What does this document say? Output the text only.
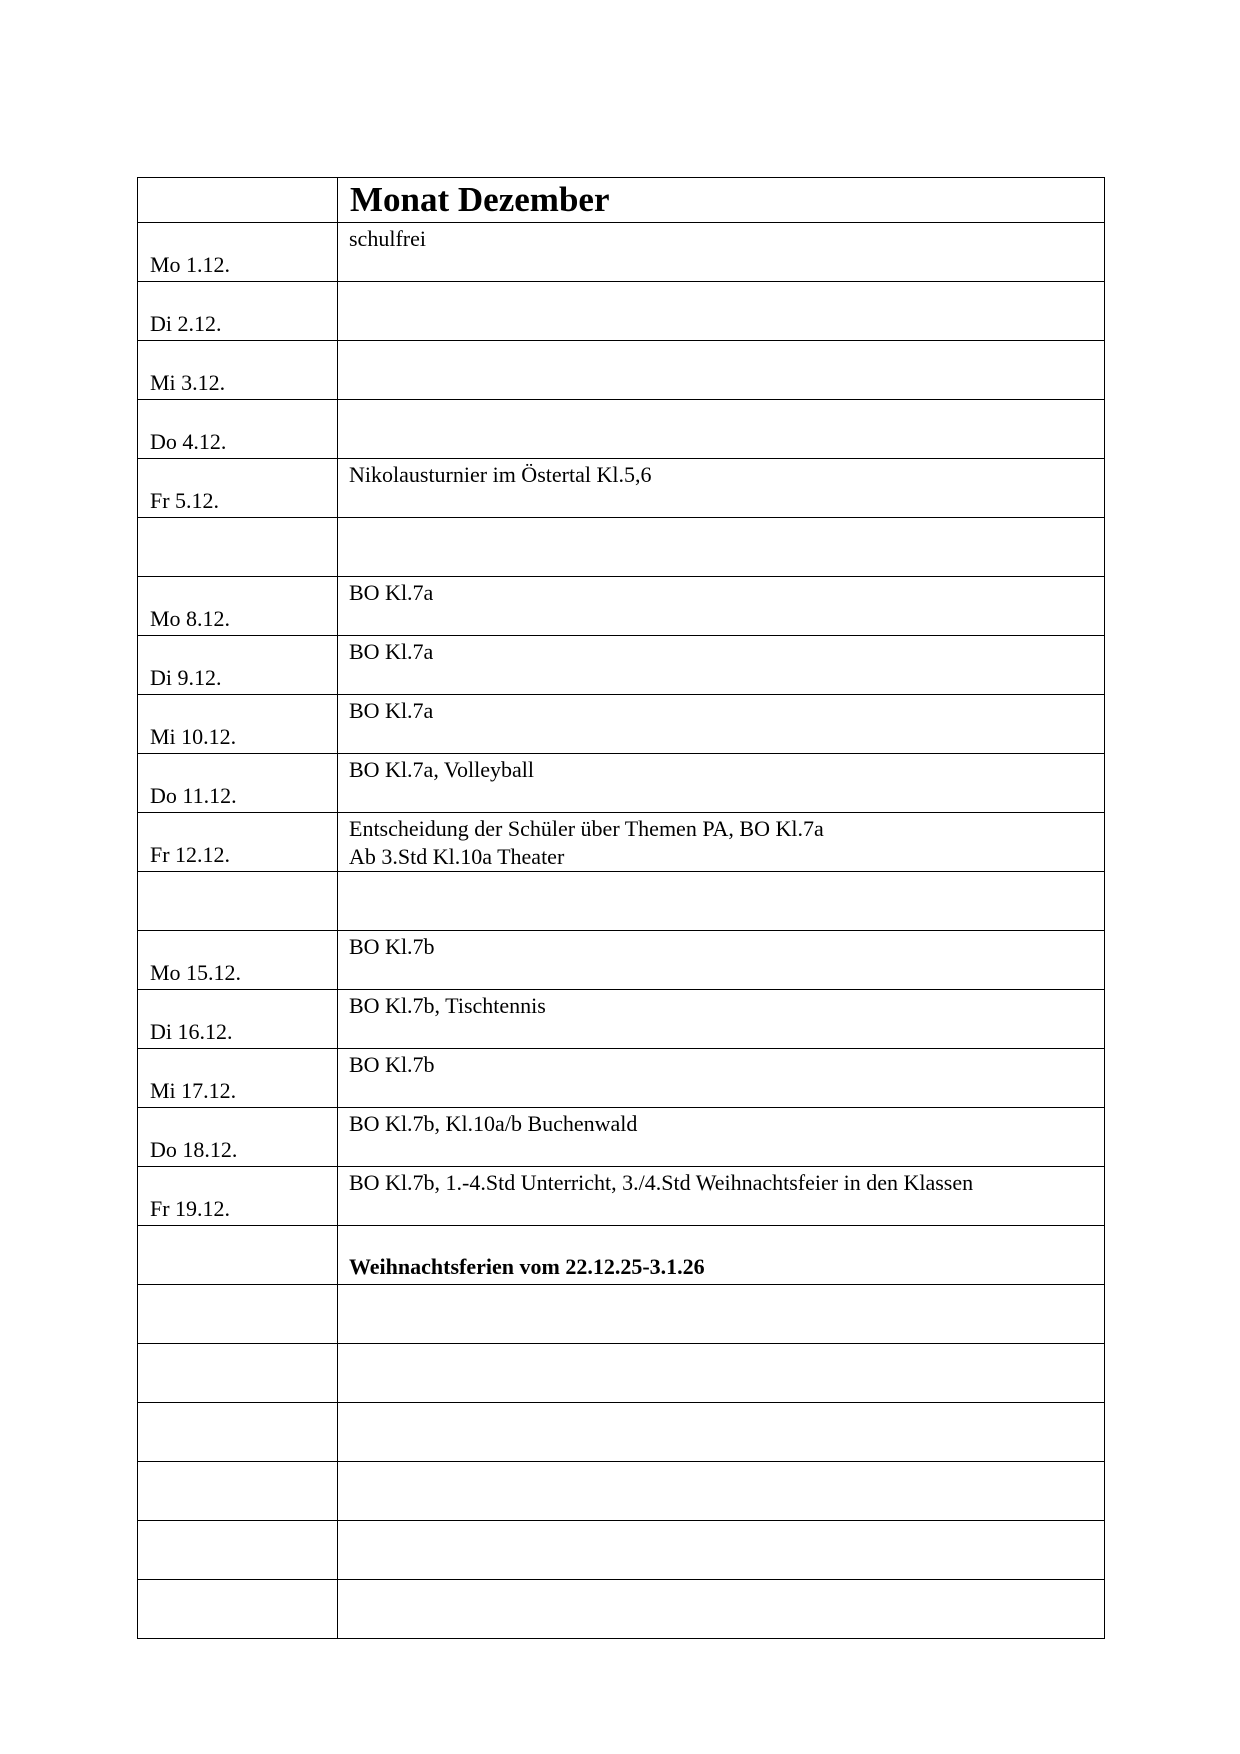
	Monat Dezember
Mo 1.12.	schulfrei

Di 2.12.	
Mi 3.12.	
Do 4.12.	
Fr 5.12.	Nikolausturnier im Östertal Kl.5,6

Mo 8.12.	BO Kl.7a

Di 9.12.	BO Kl.7a

Mi 10.12.	BO Kl.7a

Do 11.12.	BO Kl.7a, Volleyball

Fr 12.12.	Entscheidung der Schüler über Themen PA, BO Kl.7a
Ab 3.Std Kl.10a Theater

Mo 15.12.	BO Kl.7b

Di 16.12.	BO Kl.7b, Tischtennis

Mi 17.12.	BO Kl.7b

Do 18.12.	BO Kl.7b, Kl.10a/b Buchenwald

Fr 19.12.	BO Kl.7b, 1.-4.Std Unterricht, 3./4.Std Weihnachtsfeier in den Klassen

	Weihnachtsferien vom 22.12.25-3.1.26
